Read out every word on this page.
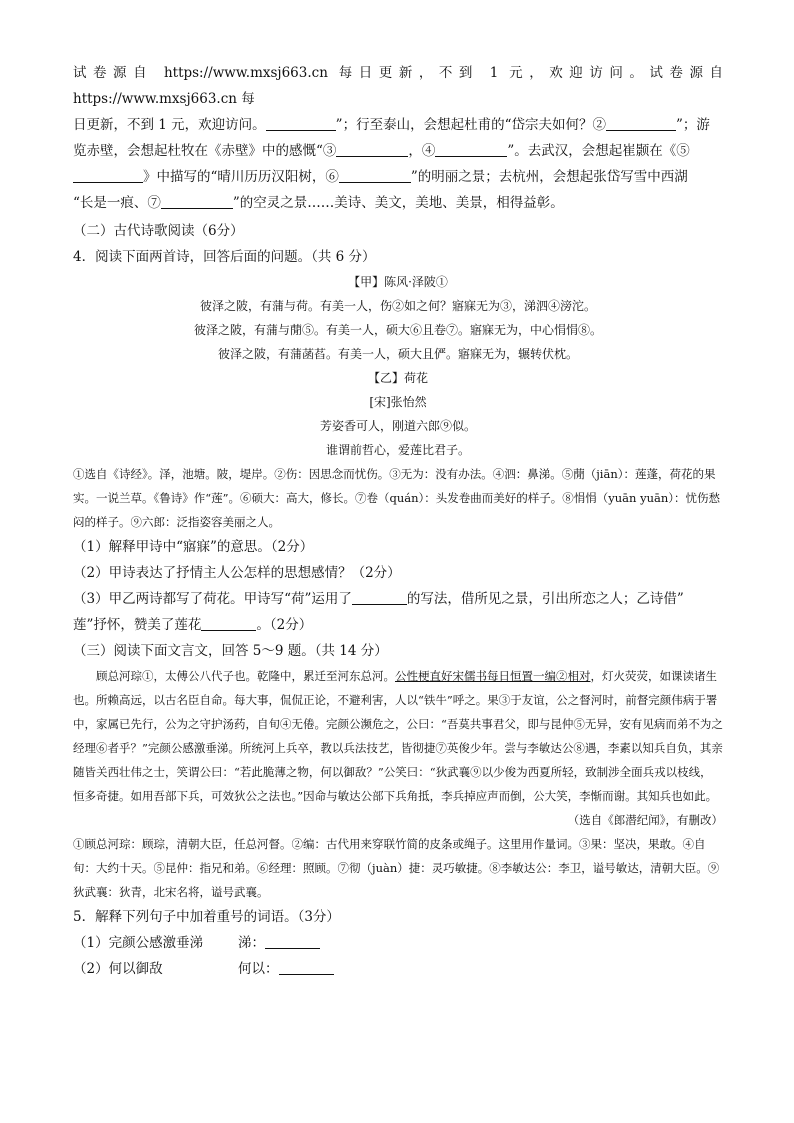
试卷源自 https://www.mxsj663.cn 每日更新，不到 1 元，欢迎访问。试卷源自 https://www.mxsj663.cn 每

日更新，不到 1 元，欢迎访问。	”；行至泰山，会想起杜甫的“岱宗夫如何？②	”；游

览赤壁，会想起杜牧在《赤壁》中的感慨“③	，④	”。去武汉，会想起崔颢在《⑤

》中描写的“晴川历历汉阳树，⑥	”的明丽之景；去杭州，会想起张岱写雪中西湖

“长是一痕、⑦	”的空灵之景……美诗、美文，美地、美景，相得益彰。

（二）古代诗歌阅读（6分）

4．阅读下面两首诗，回答后面的问题。（共 6 分）

【甲】陈风·泽陂①

彼泽之陂，有蒲与荷。有美一人，伤②如之何？寤寐无为③，涕泗④滂沱。

彼泽之陂，有蒲与蕑⑤。有美一人，硕大⑥且卷⑦。寤寐无为，中心悁悁⑧。

彼泽之陂，有蒲菡萏。有美一人，硕大且俨。寤寐无为，辗转伏枕。

【乙】荷花

[宋]张怡然

芳姿香可人，刚道六郎⑨似。

谁谓前哲心，爱莲比君子。

①选自《诗经》。泽，池塘。陂，堤岸。②伤：因思念而忧伤。③无为：没有办法。④泗：鼻涕。⑤蕑（jiān）：莲蓬，荷花的果实。一说兰草。《鲁诗》作“莲”。⑥硕大：高大，修长。⑦卷（quán）：头发卷曲而美好的样子。⑧悁悁（yuān yuān）：忧伤愁闷的样子。⑨六郎：泛指姿容美丽之人。

（1）解释甲诗中“寤寐”的意思。（2分）

（2）甲诗表达了抒情主人公怎样的思想感情？（2分）

（3）甲乙两诗都写了荷花。甲诗写“荷”运用了	的写法，借所见之景，引出所恋之人；乙诗借”

莲”抒怀，赞美了莲花	。（2分）

（三）阅读下面文言文，回答 5～9 题。（共 14 分）

顾总河琮①，太傅公八代子也。乾隆中，累迁至河东总河。公性梗直好宋儒书每日恒置一编②相对，灯火荧荧，如课读诸生也。所赖高远，以古名臣自命。每大事，侃侃正论，不避利害，人以“铁牛”呼之。果③于友谊，公之督河时，前督完颜伟病于署中，家属已先行，公为之守护汤药，自旬④无倦。完颜公濒危之，公曰：“吾莫共事君父，即与昆仲⑤无异，安有见病而弟不为之经理⑥者乎？”完颜公感激垂涕。所统河上兵卒，教以兵法技艺，皆彻捷⑦英俊少年。尝与李敏达公⑧遇，李素以知兵自负，其亲随皆关西壮伟之士，笑谓公曰：“若此脆薄之物，何以御敌？”公笑曰：“狄武襄⑨以少俊为西夏所轻，致制涉全面兵戎以枝线，恒多奇捷。如用吾部下兵，可效狄公之法也。”因命与敏达公部下兵角抵，李兵掉应声而倒，公大笑，李惭而谢。其知兵也如此。

（选自《郎潜纪闻》，有删改）

①顾总河琮：顾琮，清朝大臣，任总河督。②编：古代用来穿联竹简的皮条或绳子。这里用作量词。③果：坚决，果敢。④自旬：大约十天。⑤昆仲：指兄和弟。⑥经理：照顾。⑦彻（juàn）捷：灵巧敏捷。⑧李敏达公：李卫，谥号敏达，清朝大臣。⑨狄武襄：狄青，北宋名将，谥号武襄。

5．解释下列句子中加着重号的词语。（3分）

（1）完颜公感激垂涕	涕：

（2）何以御敌	何以：
